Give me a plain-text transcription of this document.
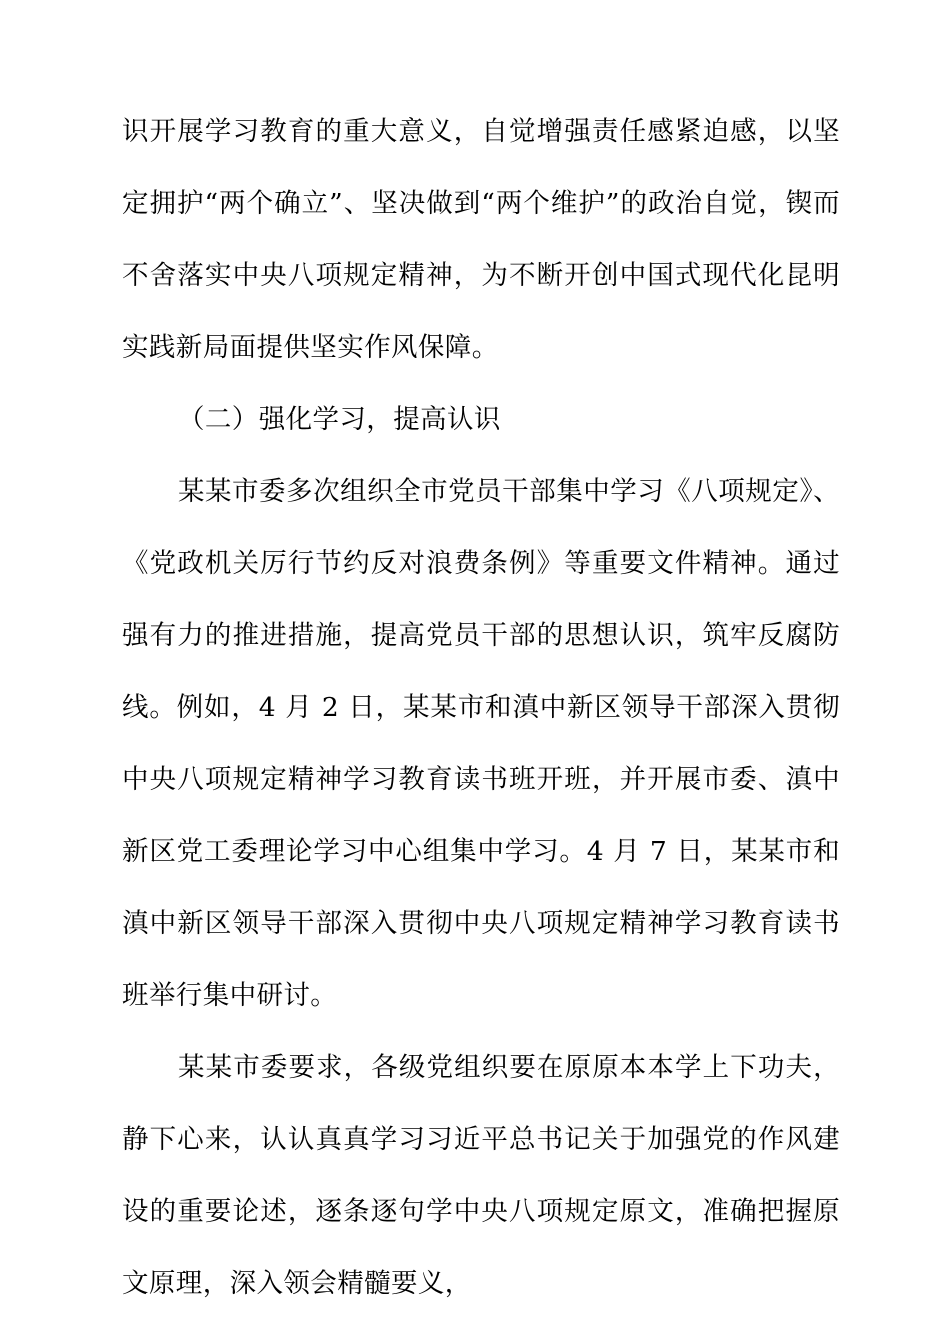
识开展学习教育的重大意义，自觉增强责任感紧迫感，以坚定拥护“两个确立”、坚决做到“两个维护”的政治自觉，锲而不舍落实中央八项规定精神，为不断开创中国式现代化昆明实践新局面提供坚实作风保障。

（二）强化学习，提高认识

某某市委多次组织全市党员干部集中学习《八项规定》、《党政机关厉行节约反对浪费条例》等重要文件精神。通过强有力的推进措施，提高党员干部的思想认识，筑牢反腐防线。例如，4 月 2 日，某某市和滇中新区领导干部深入贯彻中央八项规定精神学习教育读书班开班，并开展市委、滇中新区党工委理论学习中心组集中学习。4 月 7 日，某某市和滇中新区领导干部深入贯彻中央八项规定精神学习教育读书班举行集中研讨。

某某市委要求，各级党组织要在原原本本学上下功夫，静下心来，认认真真学习习近平总书记关于加强党的作风建设的重要论述，逐条逐句学中央八项规定原文，准确把握原文原理，深入领会精髓要义，
